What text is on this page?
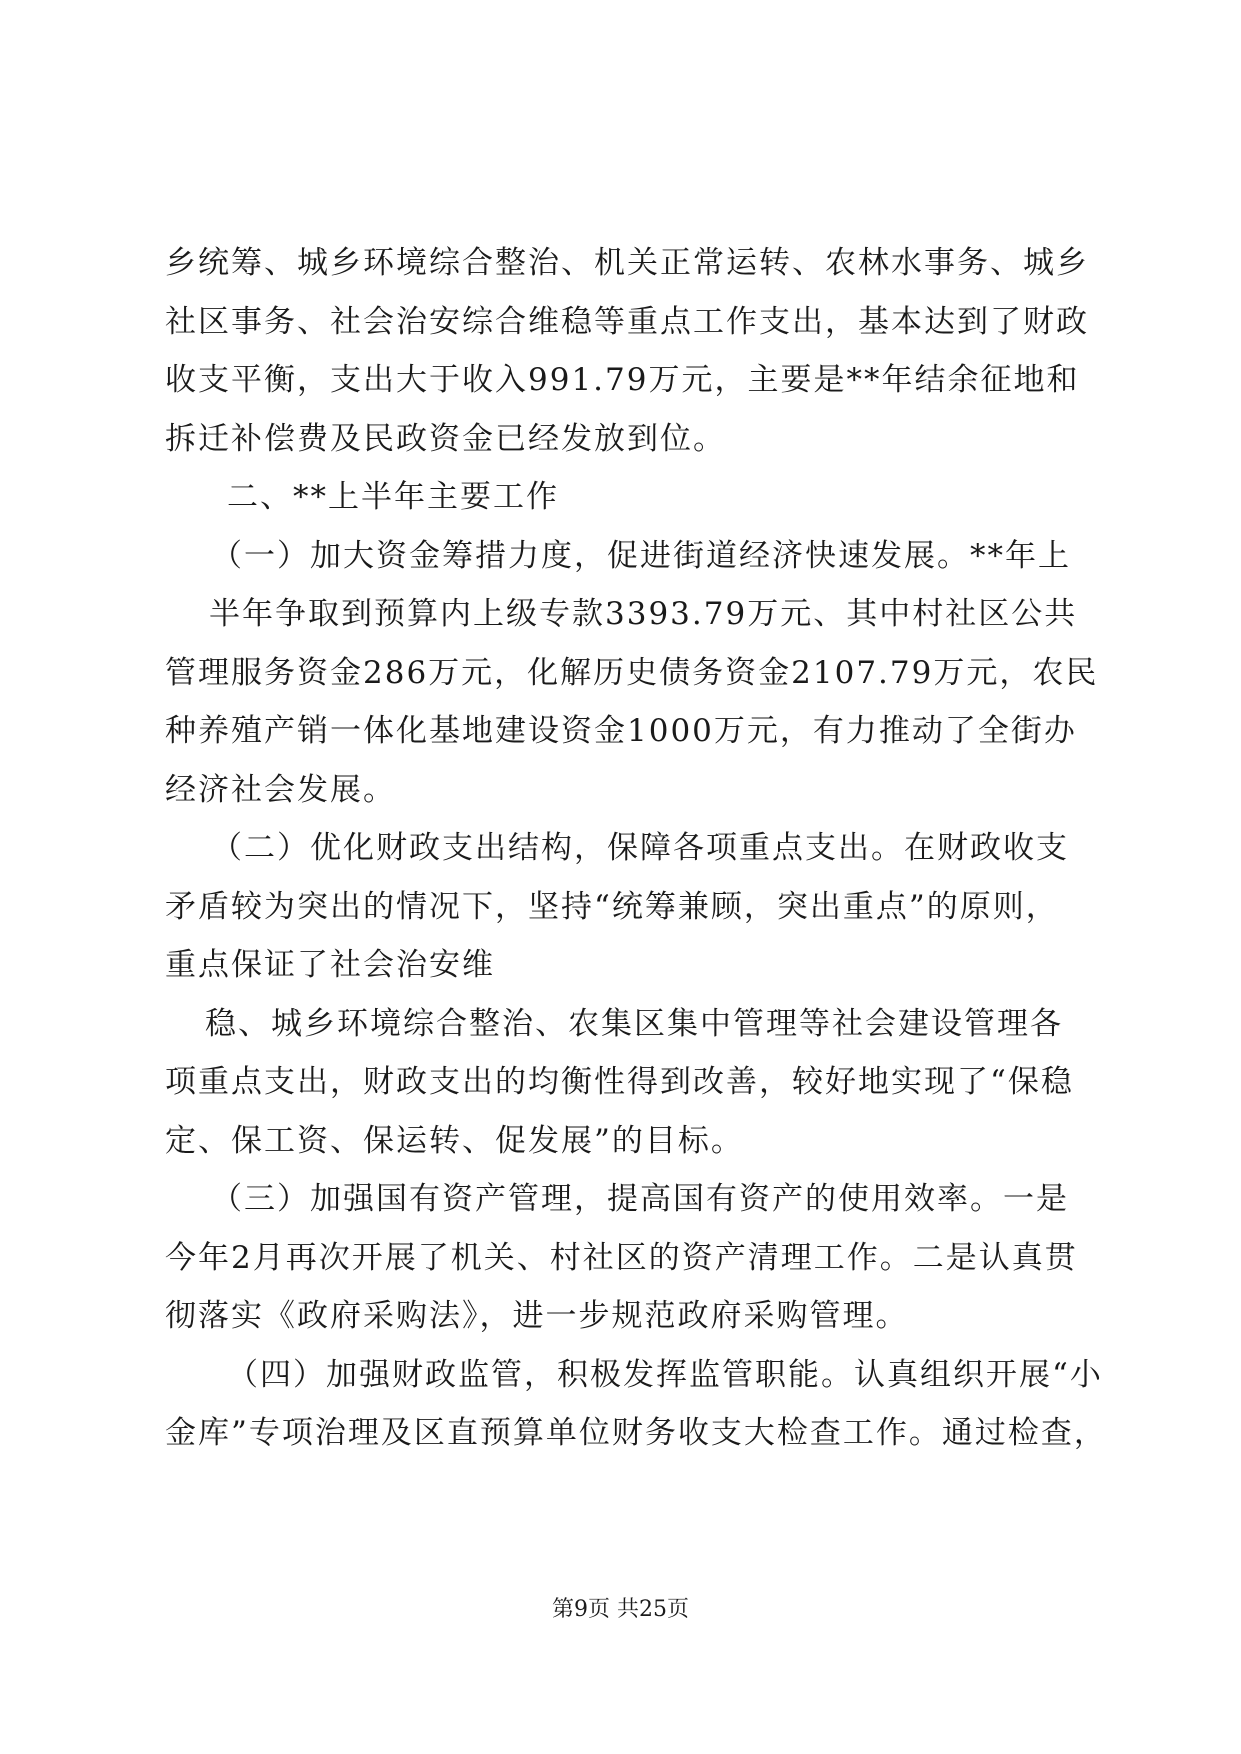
乡统筹、城乡环境综合整治、机关正常运转、农林水事务、城乡
社区事务、社会治安综合维稳等重点工作支出，基本达到了财政
收支平衡，支出大于收入991.79万元，主要是**年结余征地和
拆迁补偿费及民政资金已经发放到位。
二、**上半年主要工作
（一）加大资金筹措力度，促进街道经济快速发展。**年上
半年争取到预算内上级专款3393.79万元、其中村社区公共
管理服务资金286万元，化解历史债务资金2107.79万元，农民
种养殖产销一体化基地建设资金1000万元，有力推动了全街办
经济社会发展。
（二）优化财政支出结构，保障各项重点支出。在财政收支
矛盾较为突出的情况下，坚持“统筹兼顾，突出重点”的原则，
重点保证了社会治安维
稳、城乡环境综合整治、农集区集中管理等社会建设管理各
项重点支出，财政支出的均衡性得到改善，较好地实现了“保稳
定、保工资、保运转、促发展”的目标。
（三）加强国有资产管理，提高国有资产的使用效率。一是
今年2月再次开展了机关、村社区的资产清理工作。二是认真贯
彻落实《政府采购法》，进一步规范政府采购管理。
（四）加强财政监管，积极发挥监管职能。认真组织开展“小
金库”专项治理及区直预算单位财务收支大检查工作。通过检查，
第9页 共25页
